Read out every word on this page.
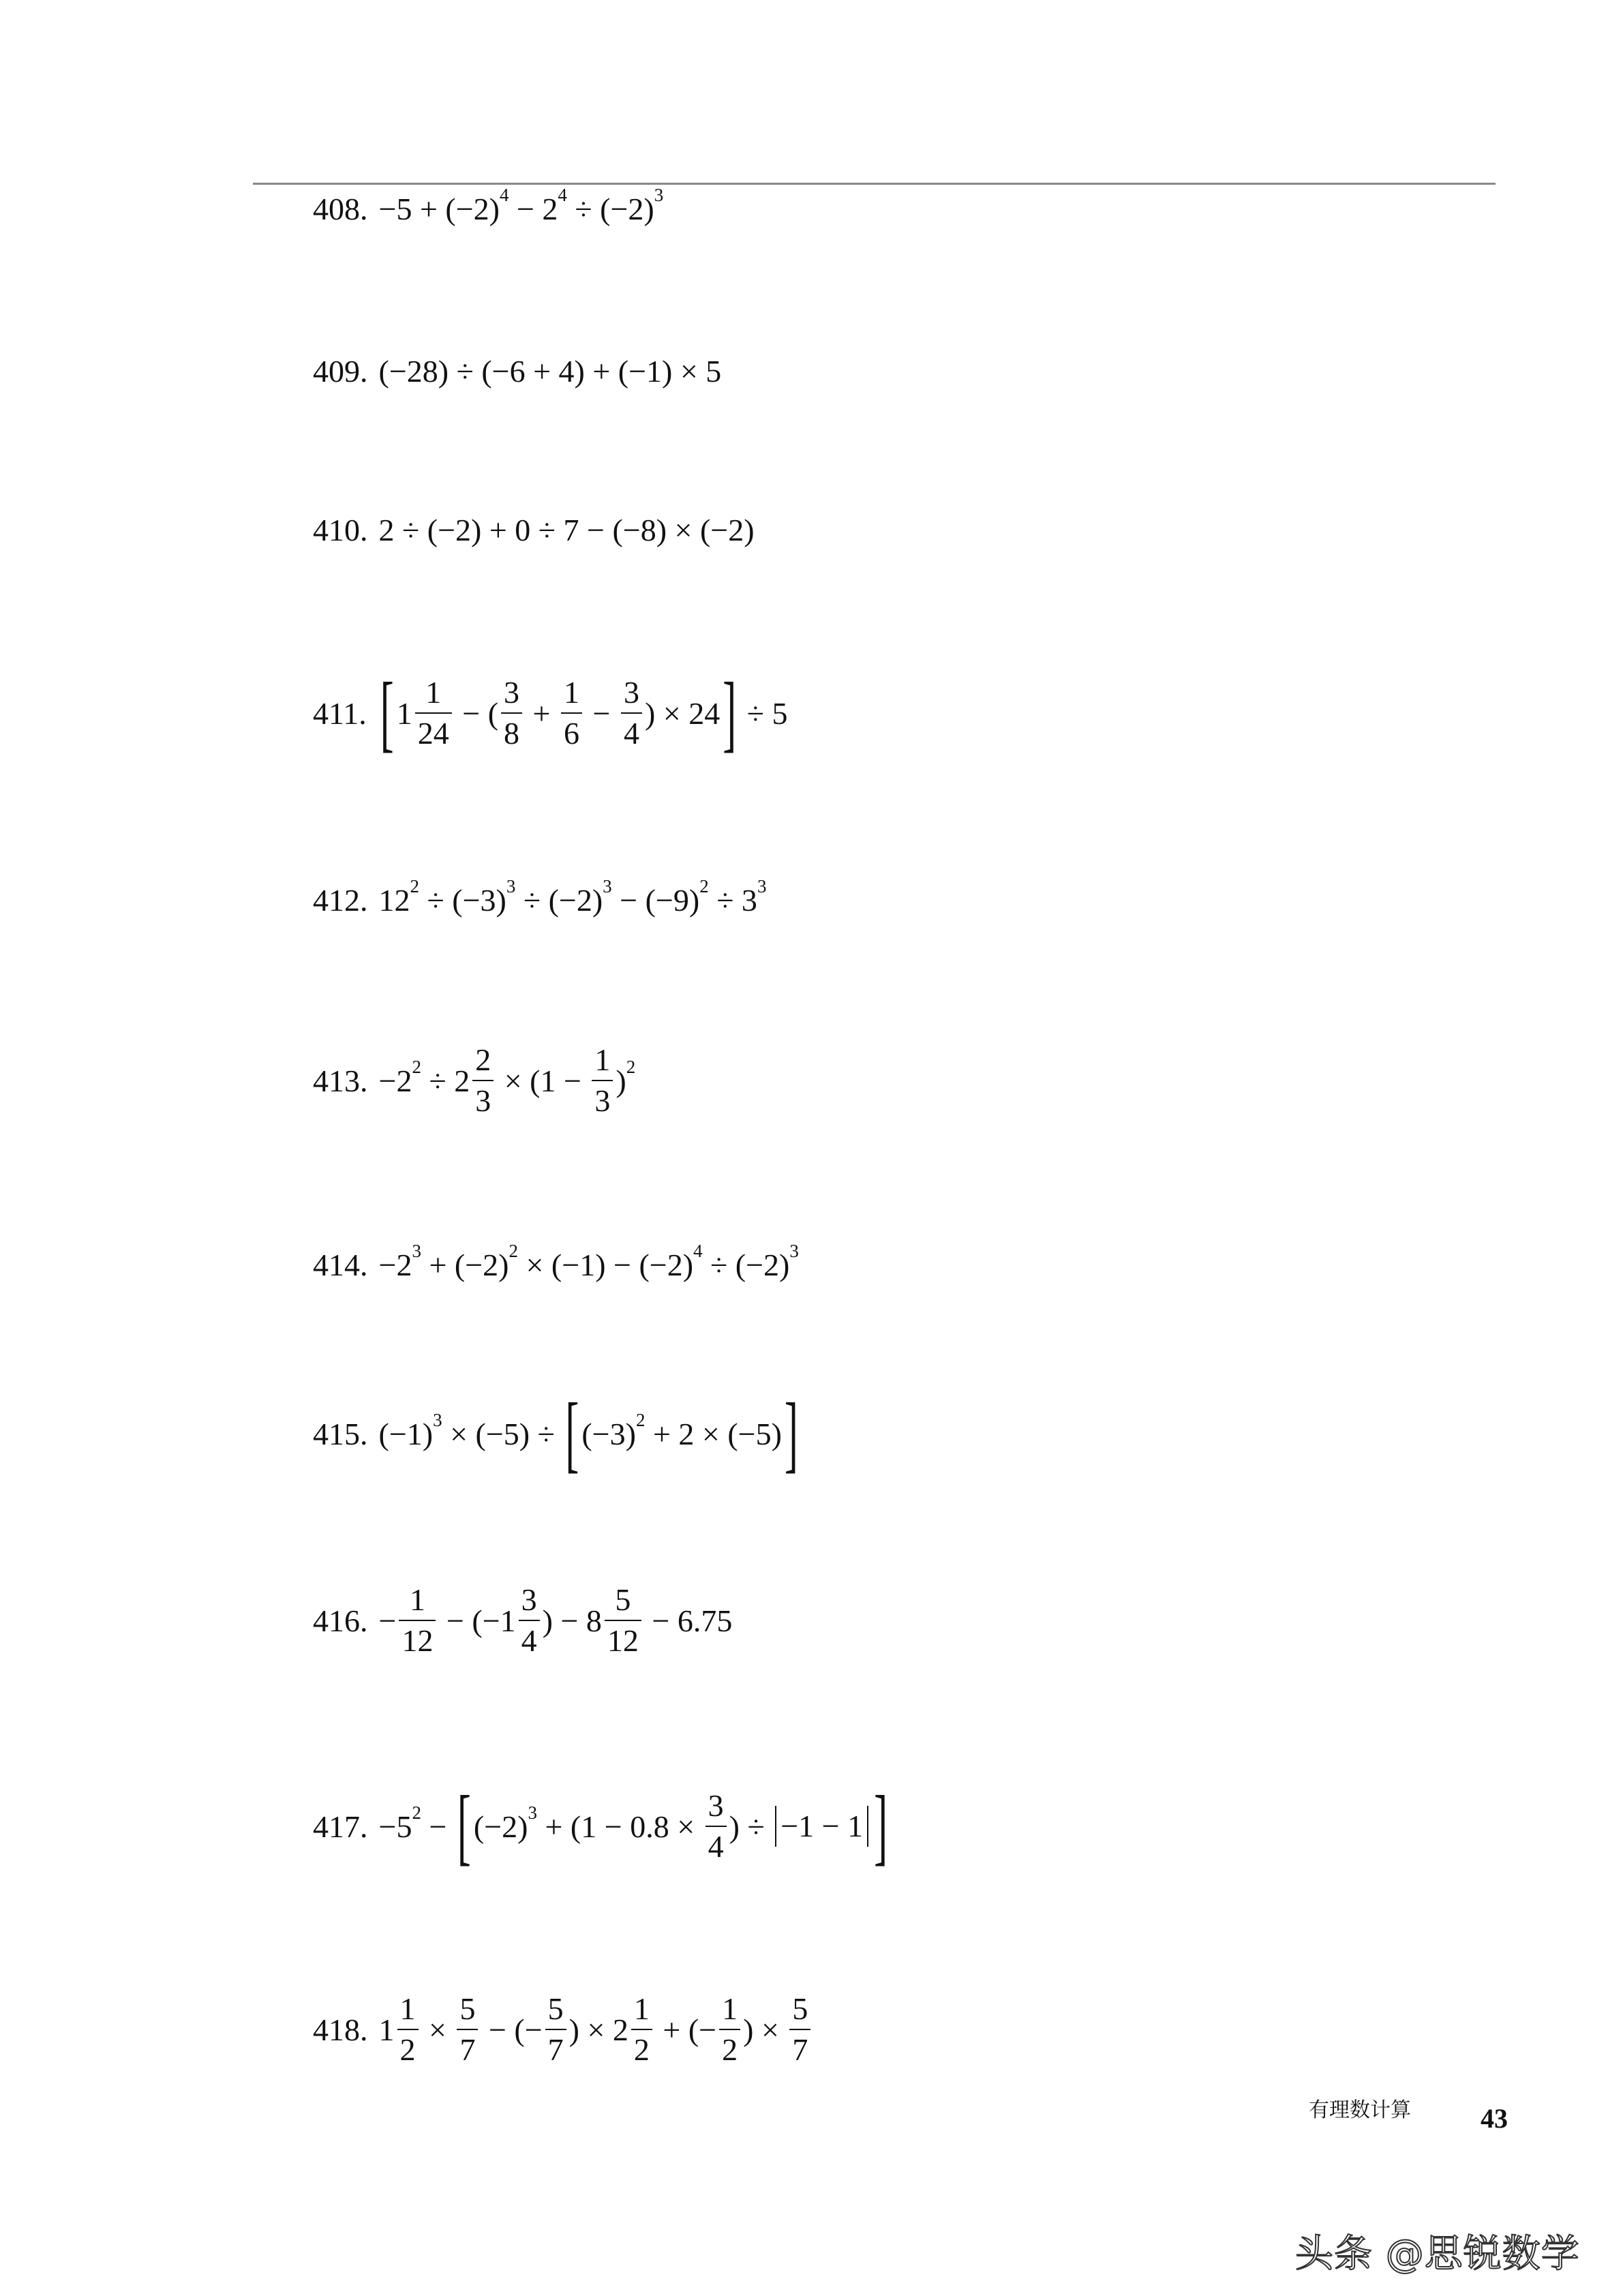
408. −5 + (−2) 4 − 2 4 ÷ (−2) 3
409. (−28) ÷ (−6 + 4) + (−1) × 5
410. 2 ÷ (−2) + 0 ÷ 7 − (−8) × (−2)
411. [ $1 \frac{1}{24}$ − ( $\frac{3}{8} + \frac{1}{6} - \frac{3}{4}$ ) × 24 ] ÷ 5
412. 12 2 ÷ (−3) 3 ÷ (−2) 3 − (−9) 2 ÷ 3 3
413. −2 $2 \div 2 \frac{2}{3} \times (1 - \frac{1}{3}$ ) 2
414. −2 3 + (−2) 2 × (−1) − (−2) 4 ÷ (−2) 3
415. (−1) 3 × (−5) ÷ [ (−3) 2 + 2 × (−5) ]
416. − $\frac{1}{12} - (-1 \frac{3}{4}$ ) − $8 \frac{5}{12} - 6.75$
417. −5 2 − [ (−2) $3 + (1 - 0.8 \times \frac{3}{4}$ ) ÷ −1 − 1 ]
418. $1 \frac{1}{2} \times \frac{5}{7}$ − (− $\frac{5}{7}$ ) × $2 \frac{1}{2}$ + (− $\frac{1}{2}$ ) × $\frac{5}{7}$
有理数计算	43
头条 @思锐数学
